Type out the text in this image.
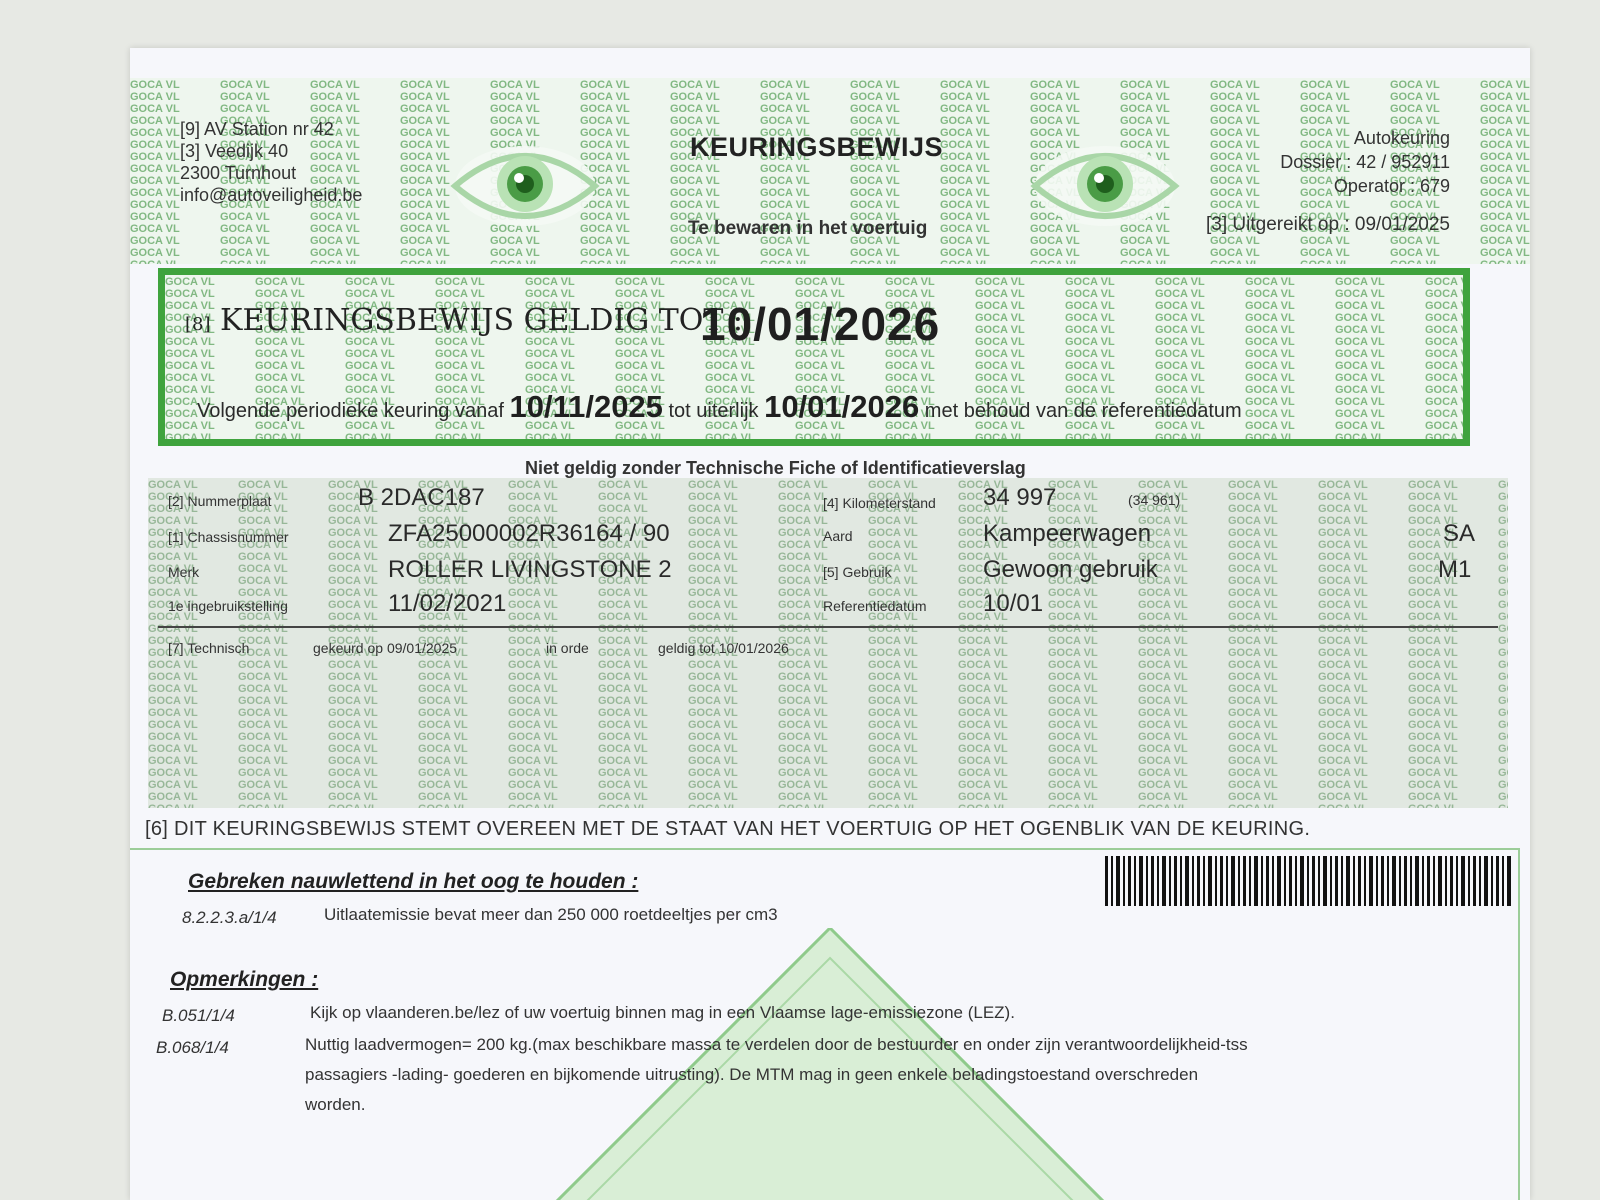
[9] AV Station nr 42
[3] Veedijk 40
2300 Turnhout
info@autoveiligheid.be
KEURINGSBEWIJS
Te bewaren in het voertuig
Autokeuring
Dossier : 42 / 952911
Operator : 679
[3] Uitgereikt op : 09/01/2025
[8] KEURINGSBEWIJS GELDIG TOT :
10/01/2026
Volgende periodieke keuring vanaf 10/11/2025 tot uiterlijk 10/01/2026 met behoud van de referentiedatum
Niet geldig zonder Technische Fiche of Identificatieverslag
[2] Nummerplaat	B 2DAC187	[4] Kilometerstand 34 997	(34 961)
[1] Chassisnummer	ZFA25000002R36164 / 90	Aard	Kampeerwagen	SA
Merk	ROLLER LIVINGSTONE 2	[5] Gebruik	Gewoon gebruik	M1
1e ingebruikstelling	11/02/2021	Referentiedatum 10/01
[7] Technisch	gekeurd op 09/01/2025	in orde	geldig tot 10/01/2026
[6] DIT KEURINGSBEWIJS STEMT OVEREEN MET DE STAAT VAN HET VOERTUIG OP HET OGENBLIK VAN DE KEURING.
Gebreken nauwlettend in het oog te houden :
8.2.2.3.a/1/4	Uitlaatemissie bevat meer dan 250 000 roetdeeltjes per cm3
Opmerkingen :
B.051/1/4	Kijk op vlaanderen.be/lez of uw voertuig binnen mag in een Vlaamse lage-emissiezone (LEZ).
B.068/1/4	Nuttig laadvermogen= 200 kg.(max beschikbare massa te verdelen door de bestuurder en onder zijn verantwoordelijkheid-tss
passagiers -lading- goederen en bijkomende uitrusting). De MTM mag in geen enkele beladingstoestand overschreden
worden.
